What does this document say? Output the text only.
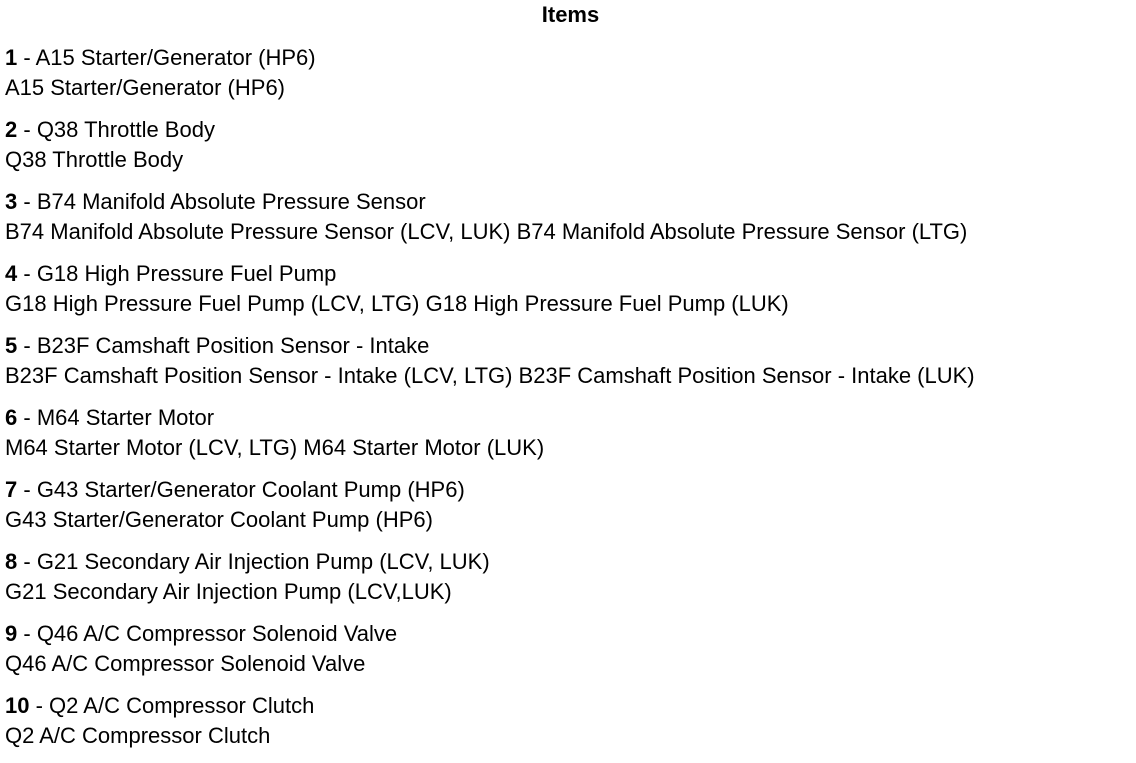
Items
1 - A15 Starter/Generator (HP6)
A15 Starter/Generator (HP6)
2 - Q38 Throttle Body
Q38 Throttle Body
3 - B74 Manifold Absolute Pressure Sensor
B74 Manifold Absolute Pressure Sensor (LCV, LUK) B74 Manifold Absolute Pressure Sensor (LTG)
4 - G18 High Pressure Fuel Pump
G18 High Pressure Fuel Pump (LCV, LTG) G18 High Pressure Fuel Pump (LUK)
5 - B23F Camshaft Position Sensor - Intake
B23F Camshaft Position Sensor - Intake (LCV, LTG) B23F Camshaft Position Sensor - Intake (LUK)
6 - M64 Starter Motor
M64 Starter Motor (LCV, LTG) M64 Starter Motor (LUK)
7 - G43 Starter/Generator Coolant Pump (HP6)
G43 Starter/Generator Coolant Pump (HP6)
8 - G21 Secondary Air Injection Pump (LCV, LUK)
G21 Secondary Air Injection Pump (LCV,LUK)
9 - Q46 A/C Compressor Solenoid Valve
Q46 A/C Compressor Solenoid Valve
10 - Q2 A/C Compressor Clutch
Q2 A/C Compressor Clutch
